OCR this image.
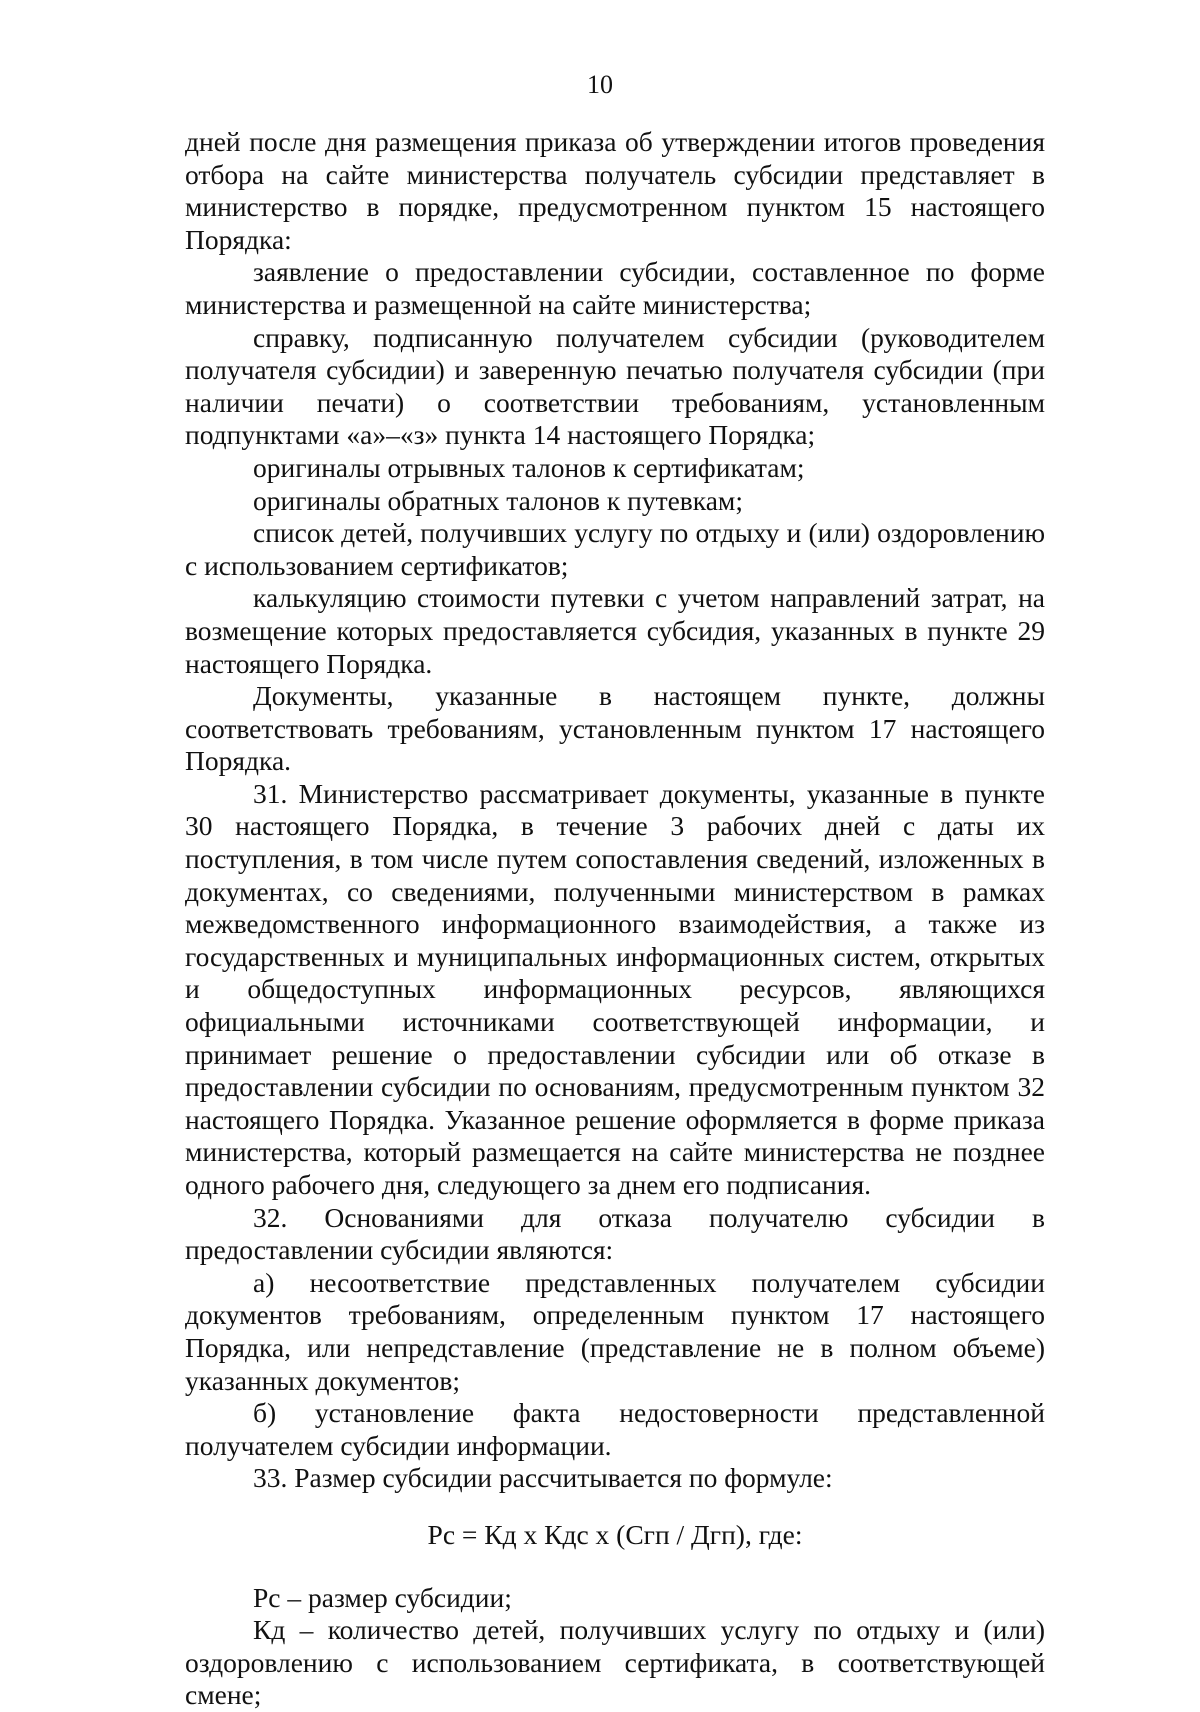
10

дней после дня размещения приказа об утверждении итогов проведения отбора на сайте министерства получатель субсидии представляет в министерство в порядке, предусмотренном пунктом 15 настоящего Порядка:

заявление о предоставлении субсидии, составленное по форме министерства и размещенной на сайте министерства;

справку, подписанную получателем субсидии (руководителем получателя субсидии) и заверенную печатью получателя субсидии (при наличии печати) о соответствии требованиям, установленным подпунктами «а»–«з» пункта 14 настоящего Порядка;

оригиналы отрывных талонов к сертификатам;

оригиналы обратных талонов к путевкам;

список детей, получивших услугу по отдыху и (или) оздоровлению с использованием сертификатов;

калькуляцию стоимости путевки с учетом направлений затрат, на возмещение которых предоставляется субсидия, указанных в пункте 29 настоящего Порядка.

Документы, указанные в настоящем пункте, должны соответствовать требованиям, установленным пунктом 17 настоящего Порядка.

31. Министерство рассматривает документы, указанные в пункте 30 настоящего Порядка, в течение 3 рабочих дней с даты их поступления, в том числе путем сопоставления сведений, изложенных в документах, со сведениями, полученными министерством в рамках межведомственного информационного взаимодействия, а также из государственных и муниципальных информационных систем, открытых и общедоступных информационных ресурсов, являющихся официальными источниками соответствующей информации, и принимает решение о предоставлении субсидии или об отказе в предоставлении субсидии по основаниям, предусмотренным пунктом 32 настоящего Порядка. Указанное решение оформляется в форме приказа министерства, который размещается на сайте министерства не позднее одного рабочего дня, следующего за днем его подписания.

32. Основаниями для отказа получателю субсидии в предоставлении субсидии являются:

а) несоответствие представленных получателем субсидии документов требованиям, определенным пунктом 17 настоящего Порядка, или непредставление (представление не в полном объеме) указанных документов;

б) установление факта недостоверности представленной получателем субсидии информации.

33. Размер субсидии рассчитывается по формуле:

Рс = Кд х Кдс х (Сгп / Дгп), где:

Рс – размер субсидии;

Кд – количество детей, получивших услугу по отдыху и (или) оздоровлению с использованием сертификата, в соответствующей смене;
